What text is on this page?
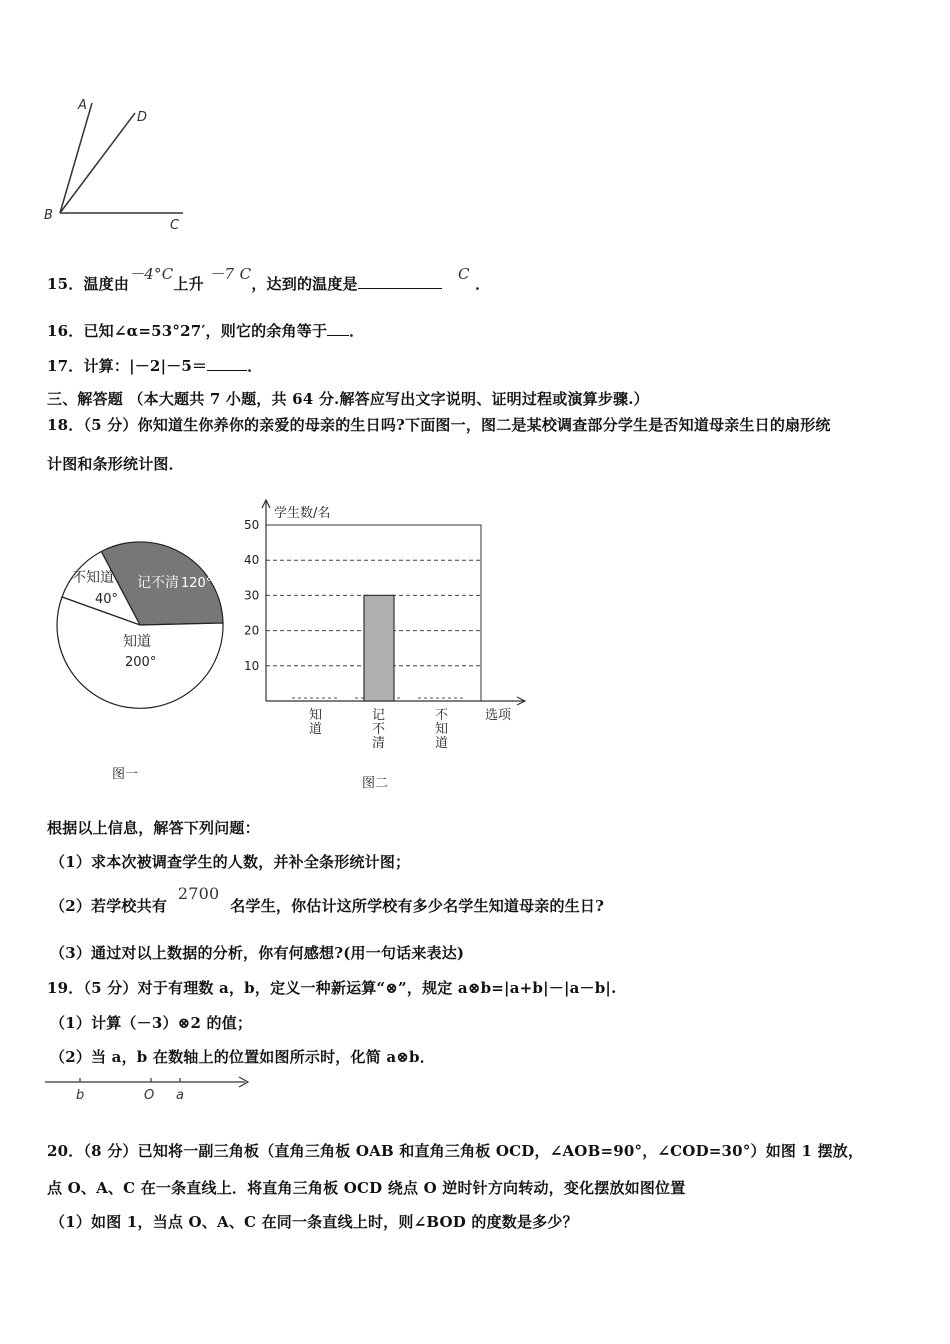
A
D
B
C
15．温度由－4°C上升 －7 C，达到的温度是   C ．
16．已知∠α=53°27′，则它的余角等于 ．
17．计算：|－2|－5＝	．
三、解答题 （本大题共 7 小题，共 64 分.解答应写出文字说明、证明过程或演算步骤.）
18．（5 分）你知道生你养你的亲爱的母亲的生日吗?下面图一，图二是某校调查部分学生是否知道母亲生日的扇形统
计图和条形统计图．
记不清 120°
不知道
40°
知道
200°
图一
10
20
30
40
50
学生数/名
选项
知
道
记
不
清
不
知
道
图二
根据以上信息，解答下列问题：
（1）求本次被调查学生的人数，并补全条形统计图；
（2）若学校共有  2700  名学生，你估计这所学校有多少名学生知道母亲的生日?
（3）通过对以上数据的分析，你有何感想?(用一句话来表达)
19．（5 分）对于有理数 a，b，定义一种新运算“⊗”，规定 a⊗b=|a+b|－|a－b|.
（1）计算（－3）⊗2 的值；
（2）当 a，b 在数轴上的位置如图所示时，化简 a⊗b．
b	O a
20．（8 分）已知将一副三角板（直角三角板 OAB 和直角三角板 OCD，∠AOB=90°，∠COD=30°）如图 1 摆放，
点 O、A、C 在一条直线上．将直角三角板 OCD 绕点 O 逆时针方向转动，变化摆放如图位置
（1）如图 1，当点 O、A、C 在同一条直线上时，则∠BOD 的度数是多少？
